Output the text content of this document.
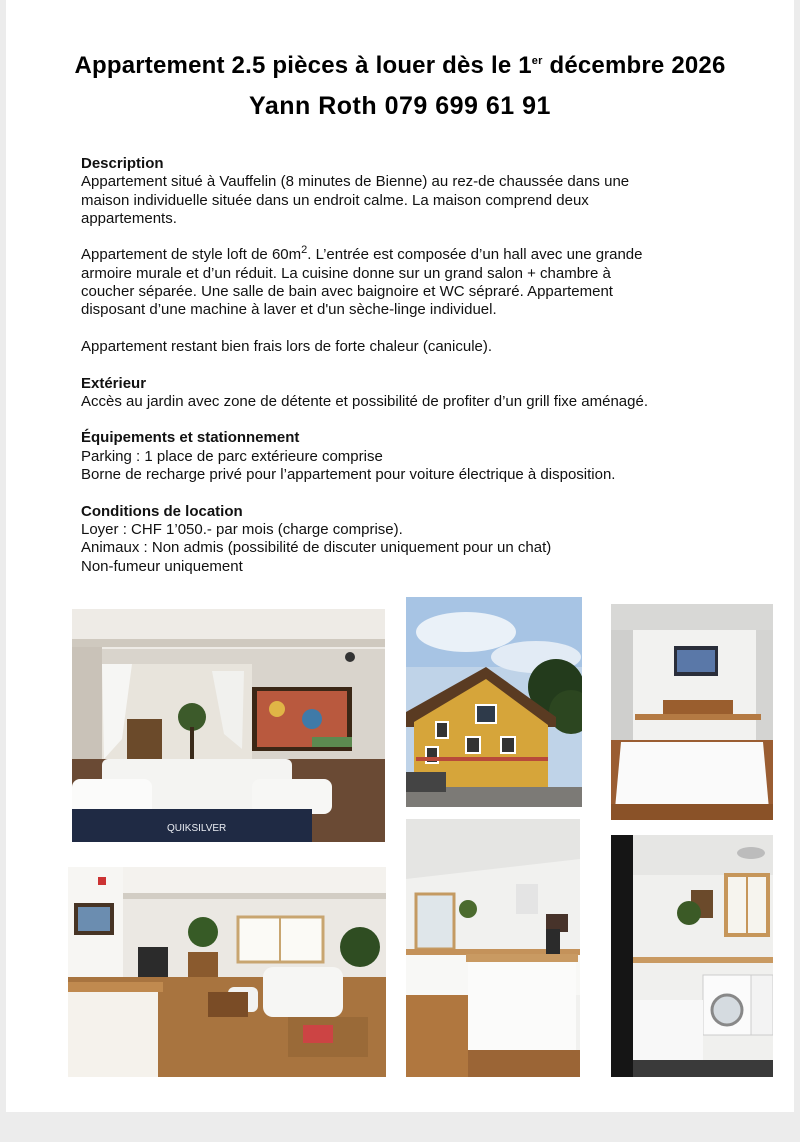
Appartement 2.5 pièces à louer dès le 1er décembre 2026
Yann Roth 079 699 61 91
Description
Appartement situé à Vauffelin (8 minutes de Bienne) au rez-de chaussée dans une
maison individuelle située dans un endroit calme. La maison comprend deux
appartements.
Appartement de style loft de $60m^2$. L’entrée est composée d’un hall avec une grande
armoire murale et d’un réduit. La cuisine donne sur un grand salon + chambre à
coucher séparée. Une salle de bain avec baignoire et WC sépraré. Appartement
disposant d’une machine à laver et d'un sèche-linge individuel.
Appartement restant bien frais lors de forte chaleur (canicule).
Extérieur
Accès au jardin avec zone de détente et possibilité de profiter d’un grill fixe aménagé.
Équipements et stationnement
Parking : 1 place de parc extérieure comprise
Borne de recharge privé pour l’appartement pour voiture électrique à disposition.
Conditions de location
Loyer : CHF 1’050.- par mois (charge comprise).
Animaux : Non admis (possibilité de discuter uniquement pour un chat)
Non-fumeur uniquement
QUIKSILVER
